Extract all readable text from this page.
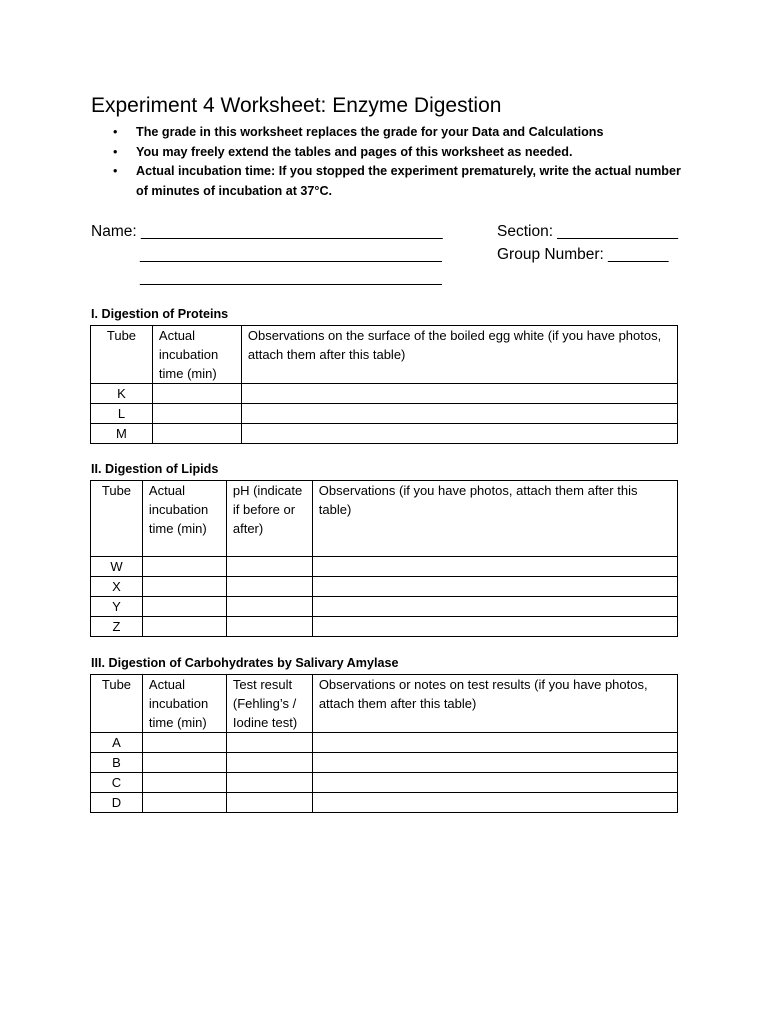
Experiment 4 Worksheet: Enzyme Digestion
• The grade in this worksheet replaces the grade for your Data and Calculations
• You may freely extend the tables and pages of this worksheet as needed.
• Actual incubation time: If you stopped the experiment prematurely, write the actual number of minutes of incubation at 37°C.
Name: ___________________________________
___________________________________
___________________________________
Section: ______________
Group Number: _______
I. Digestion of Proteins
Tube	Actual incubation time (min)	Observations on the surface of the boiled egg white (if you have photos, attach them after this table)
K		
L		
M		
II. Digestion of Lipids
Tube	Actual incubation time (min)	pH (indicate if before or after)	Observations (if you have photos, attach them after this table)
W			
X			
Y			
Z			
III. Digestion of Carbohydrates by Salivary Amylase
Tube	Actual incubation time (min)	Test result (Fehling’s / Iodine test)	Observations or notes on test results (if you have photos, attach them after this table)
A			
B			
C			
D			
